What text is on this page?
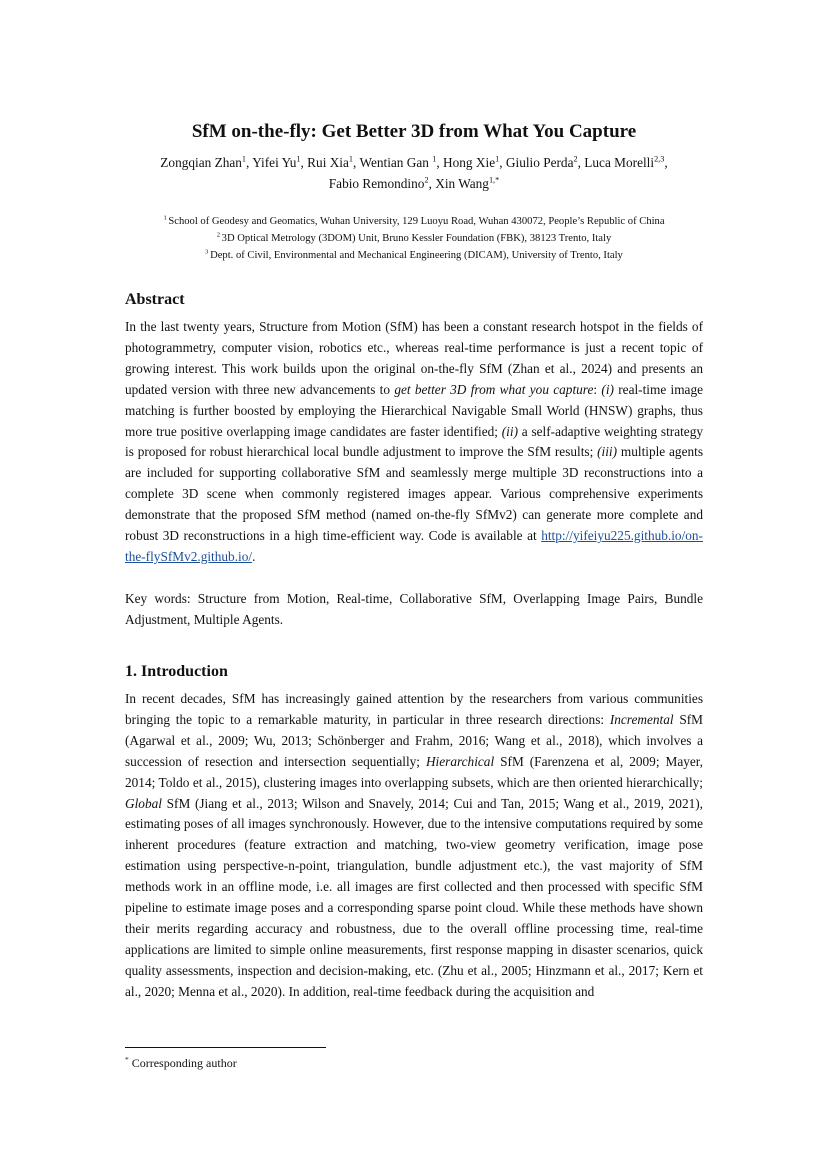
SfM on-the-fly: Get Better 3D from What You Capture
Zongqian Zhan$^1$, Yifei Yu$^1$, Rui Xia$^1$, Wentian Gan $^1$, Hong Xie$^1$, Giulio Perda$^2$, Luca Morelli$^{2,3}$,
Fabio Remondino$^2$, Xin Wang$^{1,*}$
$^1$ School of Geodesy and Geomatics, Wuhan University, 129 Luoyu Road, Wuhan 430072, People’s Republic of China
$^2$ 3D Optical Metrology (3DOM) Unit, Bruno Kessler Foundation (FBK), 38123 Trento, Italy
$^3$ Dept. of Civil, Environmental and Mechanical Engineering (DICAM), University of Trento, Italy
Abstract
In the last twenty years, Structure from Motion (SfM) has been a constant research hotspot in the fields of photogrammetry, computer vision, robotics etc., whereas real-time performance is just a recent topic of growing interest. This work builds upon the original on-the-fly SfM (Zhan et al., 2024) and presents an updated version with three new advancements to get better 3D from what you capture: (i) real-time image matching is further boosted by employing the Hierarchical Navigable Small World (HNSW) graphs, thus more true positive overlapping image candidates are faster identified; (ii) a self-adaptive weighting strategy is proposed for robust hierarchical local bundle adjustment to improve the SfM results; (iii) multiple agents are included for supporting collaborative SfM and seamlessly merge multiple 3D reconstructions into a complete 3D scene when commonly registered images appear. Various comprehensive experiments demonstrate that the proposed SfM method (named on-the-fly SfMv2) can generate more complete and robust 3D reconstructions in a high time-efficient way. Code is available at http://yifeiyu225.github.io/on-the-flySfMv2.github.io/.
Key words: Structure from Motion, Real-time, Collaborative SfM, Overlapping Image Pairs, Bundle Adjustment, Multiple Agents.
1. Introduction
In recent decades, SfM has increasingly gained attention by the researchers from various communities bringing the topic to a remarkable maturity, in particular in three research directions: Incremental SfM (Agarwal et al., 2009; Wu, 2013; Schönberger and Frahm, 2016; Wang et al., 2018), which involves a succession of resection and intersection sequentially; Hierarchical SfM (Farenzena et al, 2009; Mayer, 2014; Toldo et al., 2015), clustering images into overlapping subsets, which are then oriented hierarchically; Global SfM (Jiang et al., 2013; Wilson and Snavely, 2014; Cui and Tan, 2015; Wang et al., 2019, 2021), estimating poses of all images synchronously. However, due to the intensive computations required by some inherent procedures (feature extraction and matching, two-view geometry verification, image pose estimation using perspective-n-point, triangulation, bundle adjustment etc.), the vast majority of SfM methods work in an offline mode, i.e. all images are first collected and then processed with specific SfM pipeline to estimate image poses and a corresponding sparse point cloud. While these methods have shown their merits regarding accuracy and robustness, due to the overall offline processing time, real-time applications are limited to simple online measurements, first response mapping in disaster scenarios, quick quality assessments, inspection and decision-making, etc. (Zhu et al., 2005; Hinzmann et al., 2017; Kern et al., 2020; Menna et al., 2020). In addition, real-time feedback during the acquisition and
* Corresponding author
